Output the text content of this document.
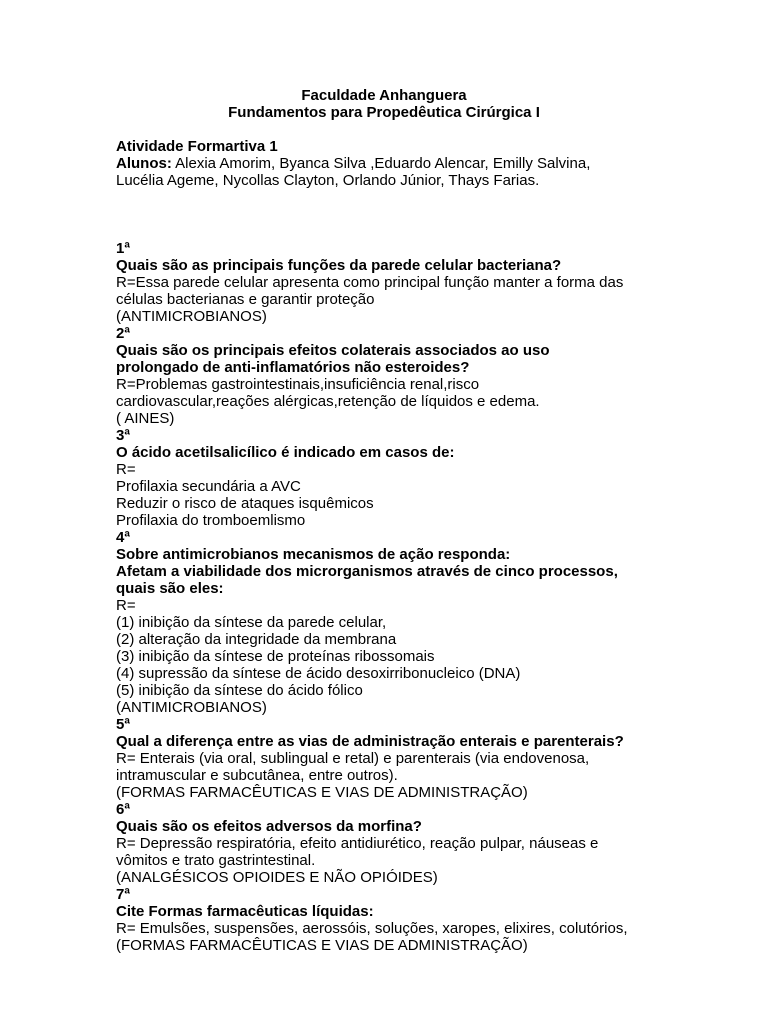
Faculdade Anhanguera
Fundamentos para Propedêutica Cirúrgica I
Atividade Formartiva 1
Alunos: Alexia Amorim, Byanca Silva ,Eduardo Alencar, Emilly Salvina,
Lucélia Ageme, Nycollas Clayton, Orlando Júnior, Thays Farias.
1ª
Quais são as principais funções da parede celular bacteriana?
R=Essa parede celular apresenta como principal função manter a forma das
células bacterianas e garantir proteção
(ANTIMICROBIANOS)
2ª
Quais são os principais efeitos colaterais associados ao uso
prolongado de anti-inflamatórios não esteroides?
R=Problemas gastrointestinais,insuficiência renal,risco
cardiovascular,reações alérgicas,retenção de líquidos e edema.
( AINES)
3ª
O ácido acetilsalicílico é indicado em casos de:
R=
Profilaxia secundária a AVC
Reduzir o risco de ataques isquêmicos
Profilaxia do tromboemlismo
4ª
Sobre antimicrobianos mecanismos de ação responda:
Afetam a viabilidade dos microrganismos através de cinco processos,
quais são eles:
R=
(1) inibição da síntese da parede celular,
(2) alteração da integridade da membrana
(3) inibição da síntese de proteínas ribossomais
(4) supressão da síntese de ácido desoxirribonucleico (DNA)
(5) inibição da síntese do ácido fólico
(ANTIMICROBIANOS)
5ª
Qual a diferença entre as vias de administração enterais e parenterais?
R= Enterais (via oral, sublingual e retal) e parenterais (via endovenosa,
intramuscular e subcutânea, entre outros).
(FORMAS FARMACÊUTICAS E VIAS DE ADMINISTRAÇÃO)
6ª
Quais são os efeitos adversos da morfina?
R= Depressão respiratória, efeito antidiurético, reação pulpar, náuseas e
vômitos e trato gastrintestinal.
(ANALGÉSICOS OPIOIDES E NÃO OPIÓIDES)
7ª
Cite Formas farmacêuticas líquidas:
R= Emulsões, suspensões, aerossóis, soluções, xaropes, elixires, colutórios,
(FORMAS FARMACÊUTICAS E VIAS DE ADMINISTRAÇÃO)
